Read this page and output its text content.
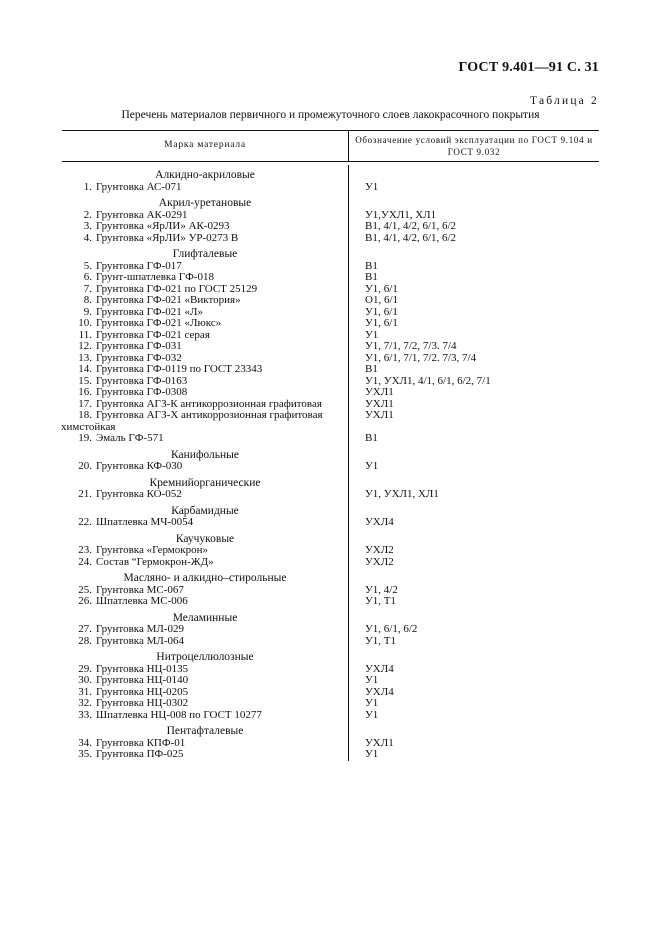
ГОСТ 9.401—91 С. 31
Таблица 2
Перечень материалов первичного и промежуточного слоев лакокрасочного покрытия
Марка материала	Обозначение условий эксплуатации по ГОСТ 9.104 и ГОСТ 9.032
Алкидно-акриловые
1. Грунтовка АС-071	У1
Акрил-уретановые
2. Грунтовка АК-0291	У1,УХЛ1, ХЛ1
3. Грунтовка «ЯрЛИ» АК-0293	В1, 4/1, 4/2, 6/1, 6/2
4. Грунтовка «ЯрЛИ» УР-0273 В	В1, 4/1, 4/2, 6/1, 6/2
Глифталевые
5. Грунтовка ГФ-017	В1
6. Грунт-шпатлевка ГФ-018	В1
7. Грунтовка ГФ-021 по ГОСТ 25129	У1, 6/1
8. Грунтовка ГФ-021 «Виктория»	О1, 6/1
9. Грунтовка ГФ-021 «Л»	У1, 6/1
10. Грунтовка ГФ-021 «Люкс»	У1, 6/1
11. Грунтовка ГФ-021 серая	У1
12. Грунтовка ГФ-031	У1, 7/1, 7/2, 7/3. 7/4
13. Грунтовка ГФ-032	У1, 6/1, 7/1, 7/2. 7/3, 7/4
14. Грунтовка ГФ-0119 по ГОСТ 23343	В1
15. Грунтовка ГФ-0163	У1, УХЛ1, 4/1, 6/1, 6/2, 7/1
16. Грунтовка ГФ-0308	УХЛ1
17. Грунтовка АГЗ-К антикоррозионная графитовая	УХЛ1
18. Грунтовка АГЗ-Х антикоррозионная графитовая	УХЛ1
химстойкая
19. Эмаль ГФ-571	В1
Канифольные
20. Грунтовка КФ-030	У1
Кремнийорганические
21. Грунтовка КО-052	У1, УХЛ1, ХЛ1
Карбамидные
22. Шпатлевка МЧ-0054	УХЛ4
Каучуковые
23. Грунтовка «Гермокрон»	УХЛ2
24. Состав “Гермокрон-ЖД»	УХЛ2
Масляно- и алкидно–стирольные
25. Грунтовка МС-067	У1, 4/2
26. Шпатлевка МС-006	У1, Т1
Меламинные
27. Грунтовка МЛ-029	У1, 6/1, 6/2
28. Грунтовка МЛ-064	У1, Т1
Нитроцеллюлозные
29. Грунтовка НЦ-0135	УХЛ4
30. Грунтовка НЦ-0140	У1
31. Грунтовка НЦ-0205	УХЛ4
32. Грунтовка НЦ-0302	У1
33. Шпатлевка НЦ-008 по ГОСТ 10277	У1
Пентафталевые
34. Грунтовка КПФ-01	УХЛ1
35. Грунтовка ПФ-025	У1
